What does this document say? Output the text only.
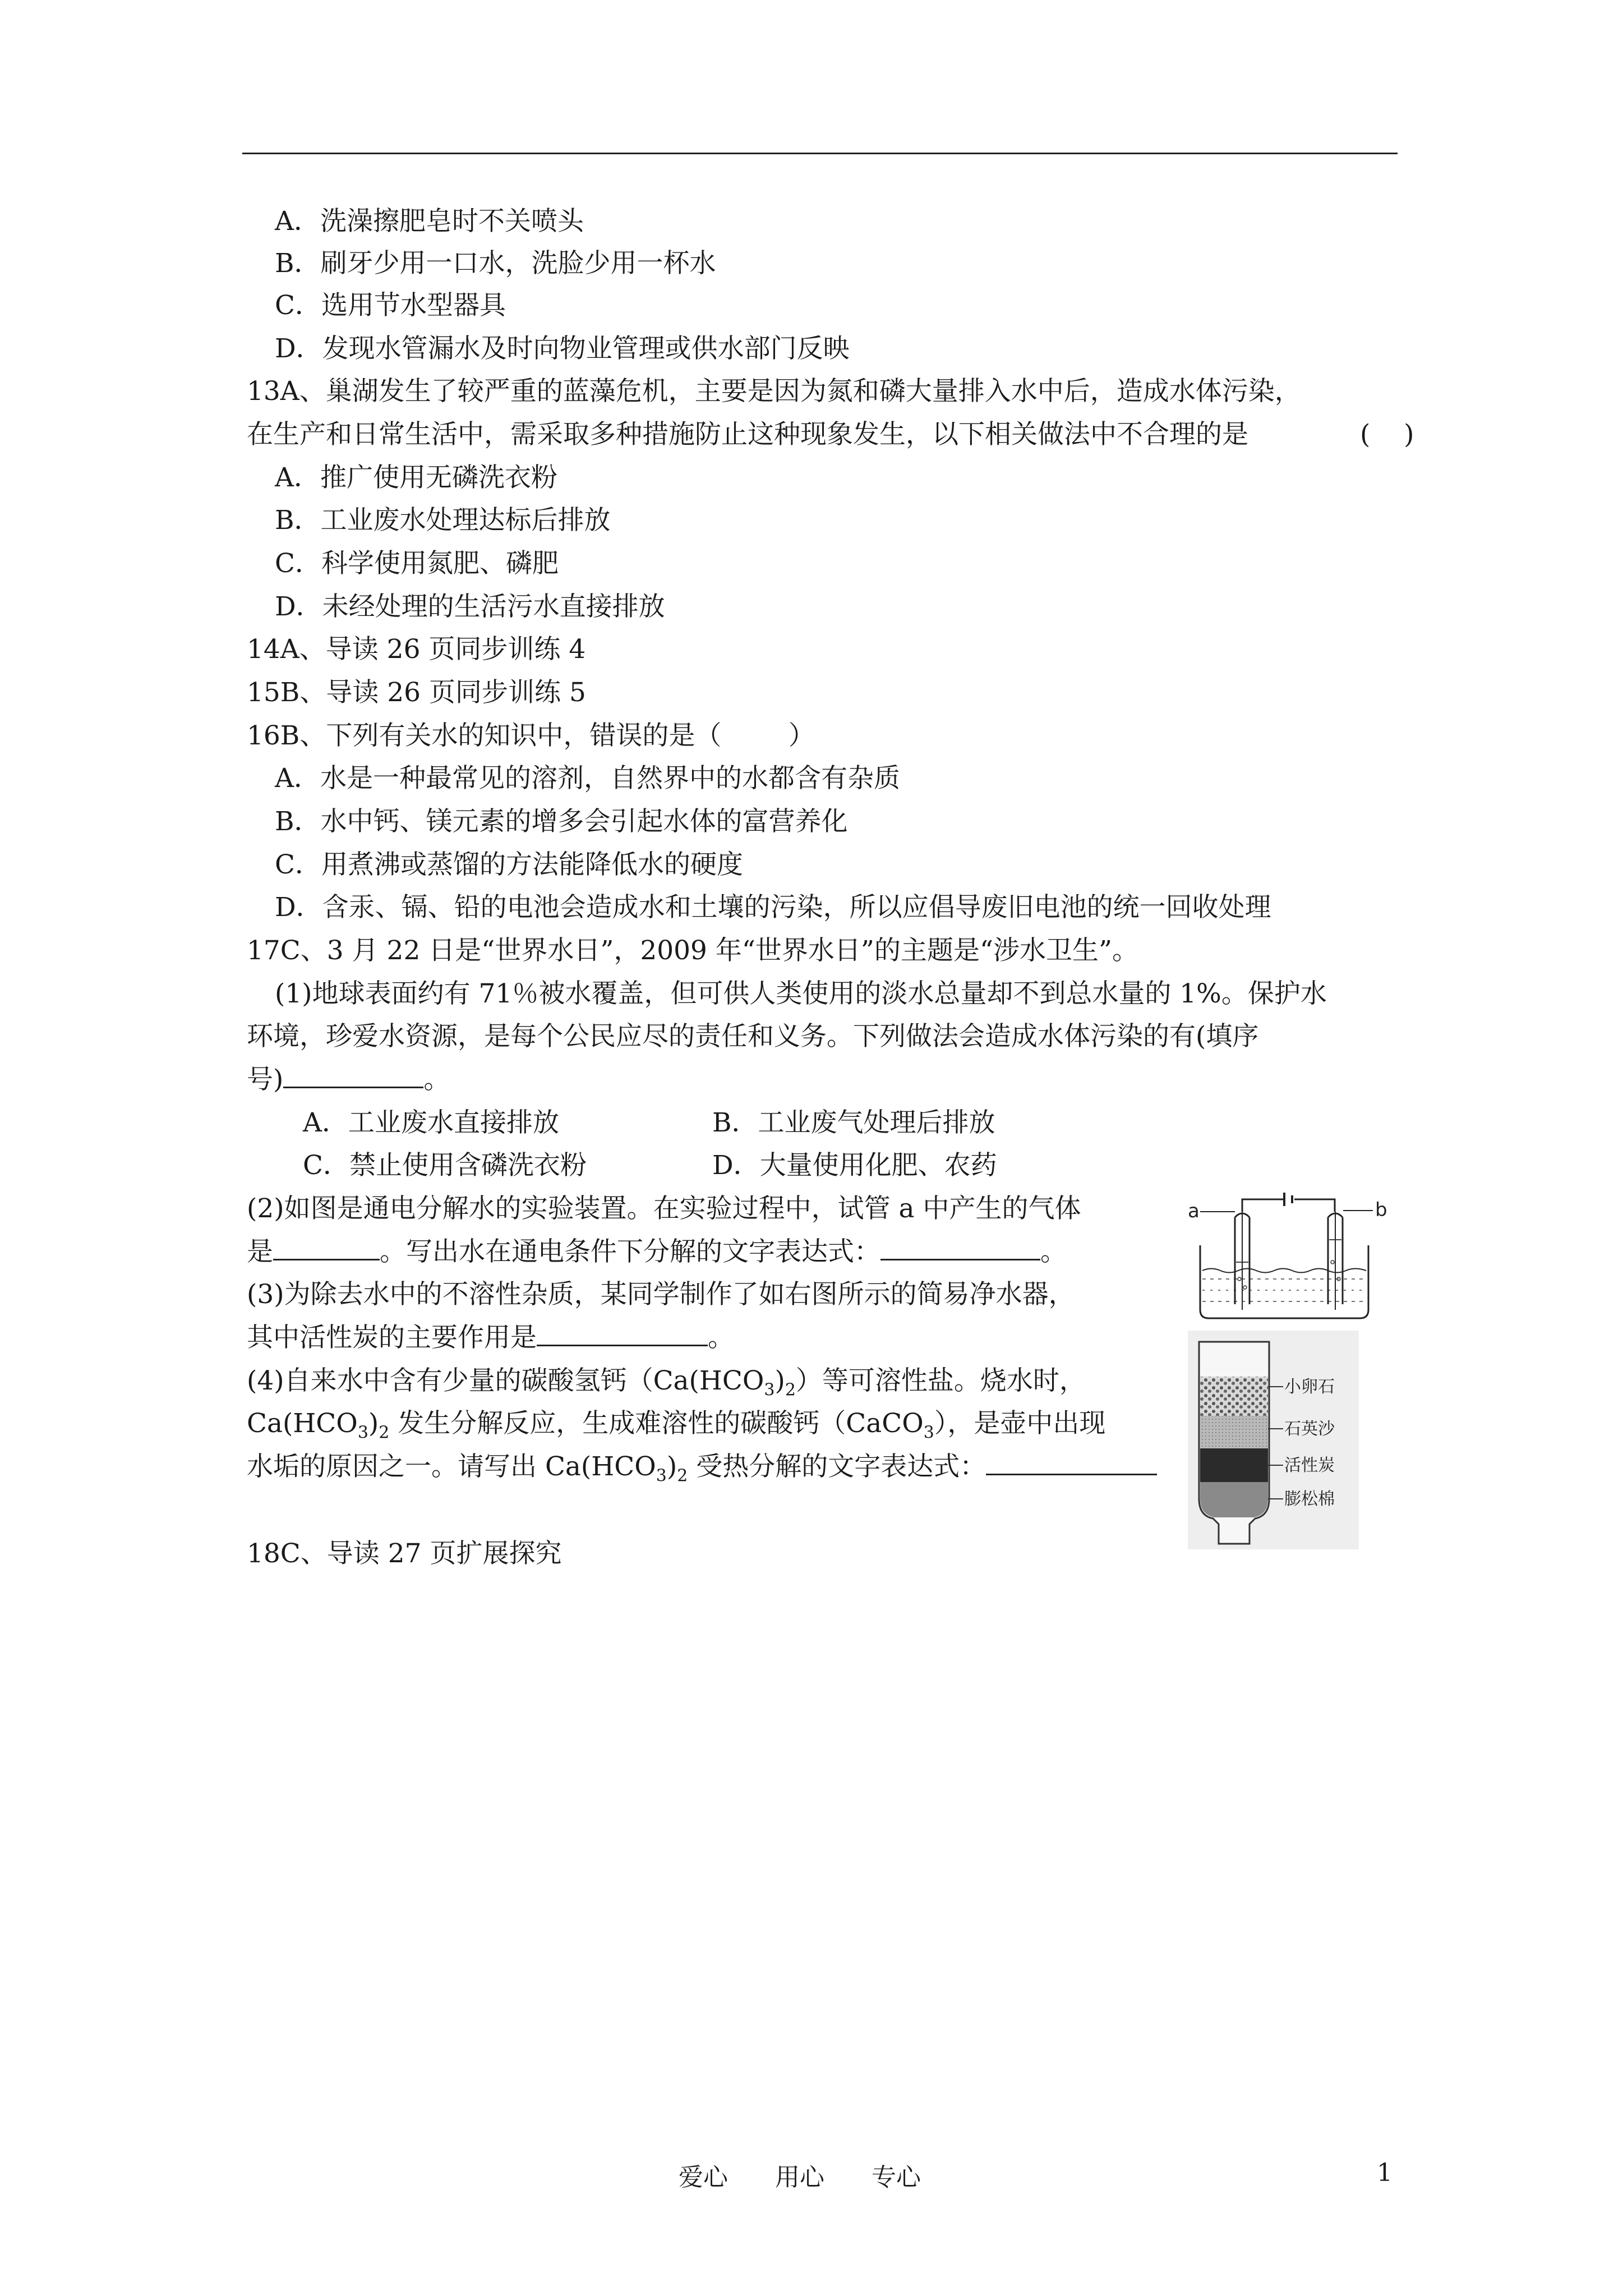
A．洗澡擦肥皂时不关喷头
B．刷牙少用一口水，洗脸少用一杯水
C．选用节水型器具
D．发现水管漏水及时向物业管理或供水部门反映
13A、巢湖发生了较严重的蓝藻危机，主要是因为氮和磷大量排入水中后，造成水体污染，
在生产和日常生活中，需采取多种措施防止这种现象发生，以下相关做法中不合理的是	(    )
A．推广使用无磷洗衣粉
B．工业废水处理达标后排放
C．科学使用氮肥、磷肥
D．未经处理的生活污水直接排放
14A、导读 26 页同步训练 4
15B、导读 26 页同步训练 5
16B、下列有关水的知识中，错误的是（        ）
A．水是一种最常见的溶剂，自然界中的水都含有杂质
B．水中钙、镁元素的增多会引起水体的富营养化
C．用煮沸或蒸馏的方法能降低水的硬度
D．含汞、镉、铅的电池会造成水和土壤的污染，所以应倡导废旧电池的统一回收处理
17C、3 月 22 日是“世界水日”，2009 年“世界水日”的主题是“涉水卫生”。
(1)地球表面约有 71％被水覆盖，但可供人类使用的淡水总量却不到总水量的 1%。保护水
环境，珍爱水资源，是每个公民应尽的责任和义务。下列做法会造成水体污染的有(填序
号)	。
A．工业废水直接排放	B．工业废气处理后排放
C．禁止使用含磷洗衣粉	D．大量使用化肥、农药
(2)如图是通电分解水的实验装置。在实验过程中，试管 a 中产生的气体
是	。写出水在通电条件下分解的文字表达式：	。
(3)为除去水中的不溶性杂质，某同学制作了如右图所示的简易净水器，
其中活性炭的主要作用是	。
(4)自来水中含有少量的碳酸氢钙$(Ca(HCO_3)_2)$等可溶性盐。烧水时，
$Ca(HCO_3)_2$ 发生分解反应，生成难溶性的碳酸钙（CaCO$_3$），是壶中出现
水垢的原因之一。请写出 $Ca(HCO_3)_2$ 受热分解的文字表达式：
18C、导读 27 页扩展探究
a	b
小卵石
石英沙
活性炭
膨松棉
爱心 用心 专心	1
